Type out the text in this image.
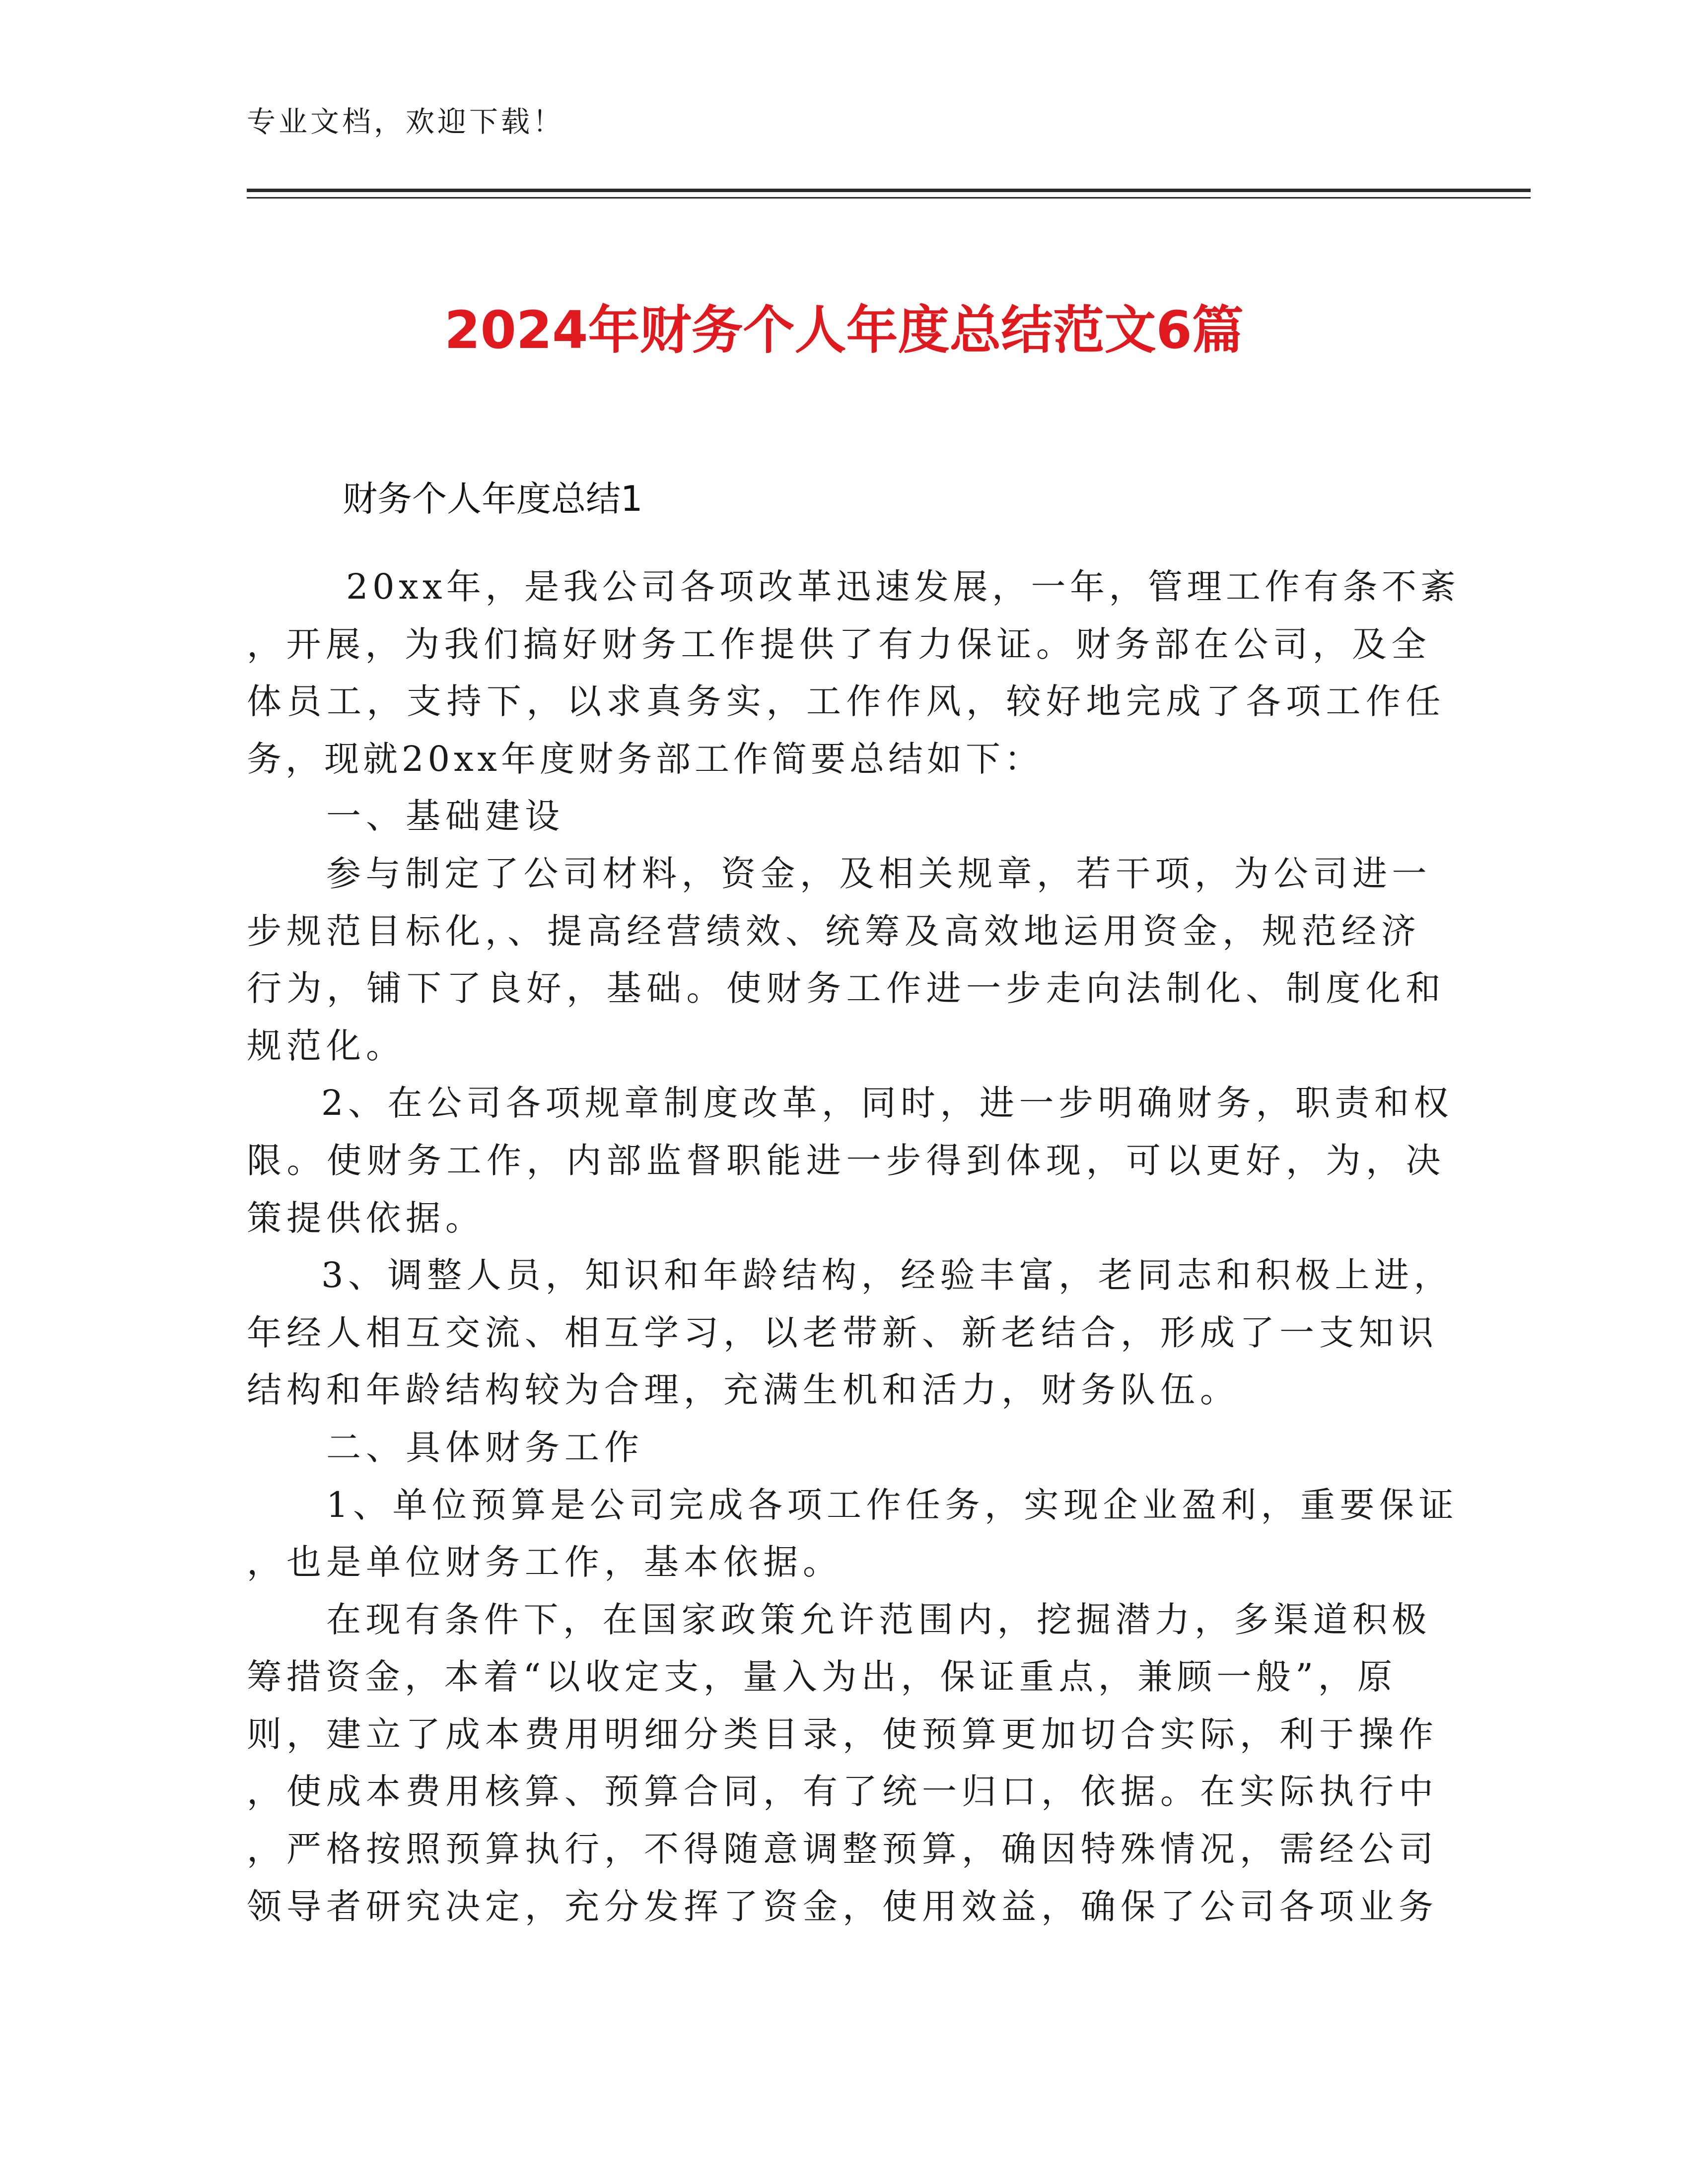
专业文档，欢迎下载！
2024年财务个人年度总结范文6篇
财务个人年度总结1
20xx年，是我公司各项改革迅速发展，一年，管理工作有条不紊
，开展，为我们搞好财务工作提供了有力保证。财务部在公司，及全
体员工，支持下，以求真务实，工作作风，较好地完成了各项工作任
务，现就20xx年度财务部工作简要总结如下：
一、基础建设
参与制定了公司材料，资金，及相关规章，若干项，为公司进一
步规范目标化，、提高经营绩效、统筹及高效地运用资金，规范经济
行为，铺下了良好，基础。使财务工作进一步走向法制化、制度化和
规范化。
2、在公司各项规章制度改革，同时，进一步明确财务，职责和权
限。使财务工作，内部监督职能进一步得到体现，可以更好，为，决
策提供依据。
3、调整人员，知识和年龄结构，经验丰富，老同志和积极上进，
年经人相互交流、相互学习，以老带新、新老结合，形成了一支知识
结构和年龄结构较为合理，充满生机和活力，财务队伍。
二、具体财务工作
1、单位预算是公司完成各项工作任务，实现企业盈利，重要保证
，也是单位财务工作，基本依据。
在现有条件下，在国家政策允许范围内，挖掘潜力，多渠道积极
筹措资金，本着“以收定支，量入为出，保证重点，兼顾一般”，原
则，建立了成本费用明细分类目录，使预算更加切合实际，利于操作
，使成本费用核算、预算合同，有了统一归口，依据。在实际执行中
，严格按照预算执行，不得随意调整预算，确因特殊情况，需经公司
领导者研究决定，充分发挥了资金，使用效益，确保了公司各项业务
